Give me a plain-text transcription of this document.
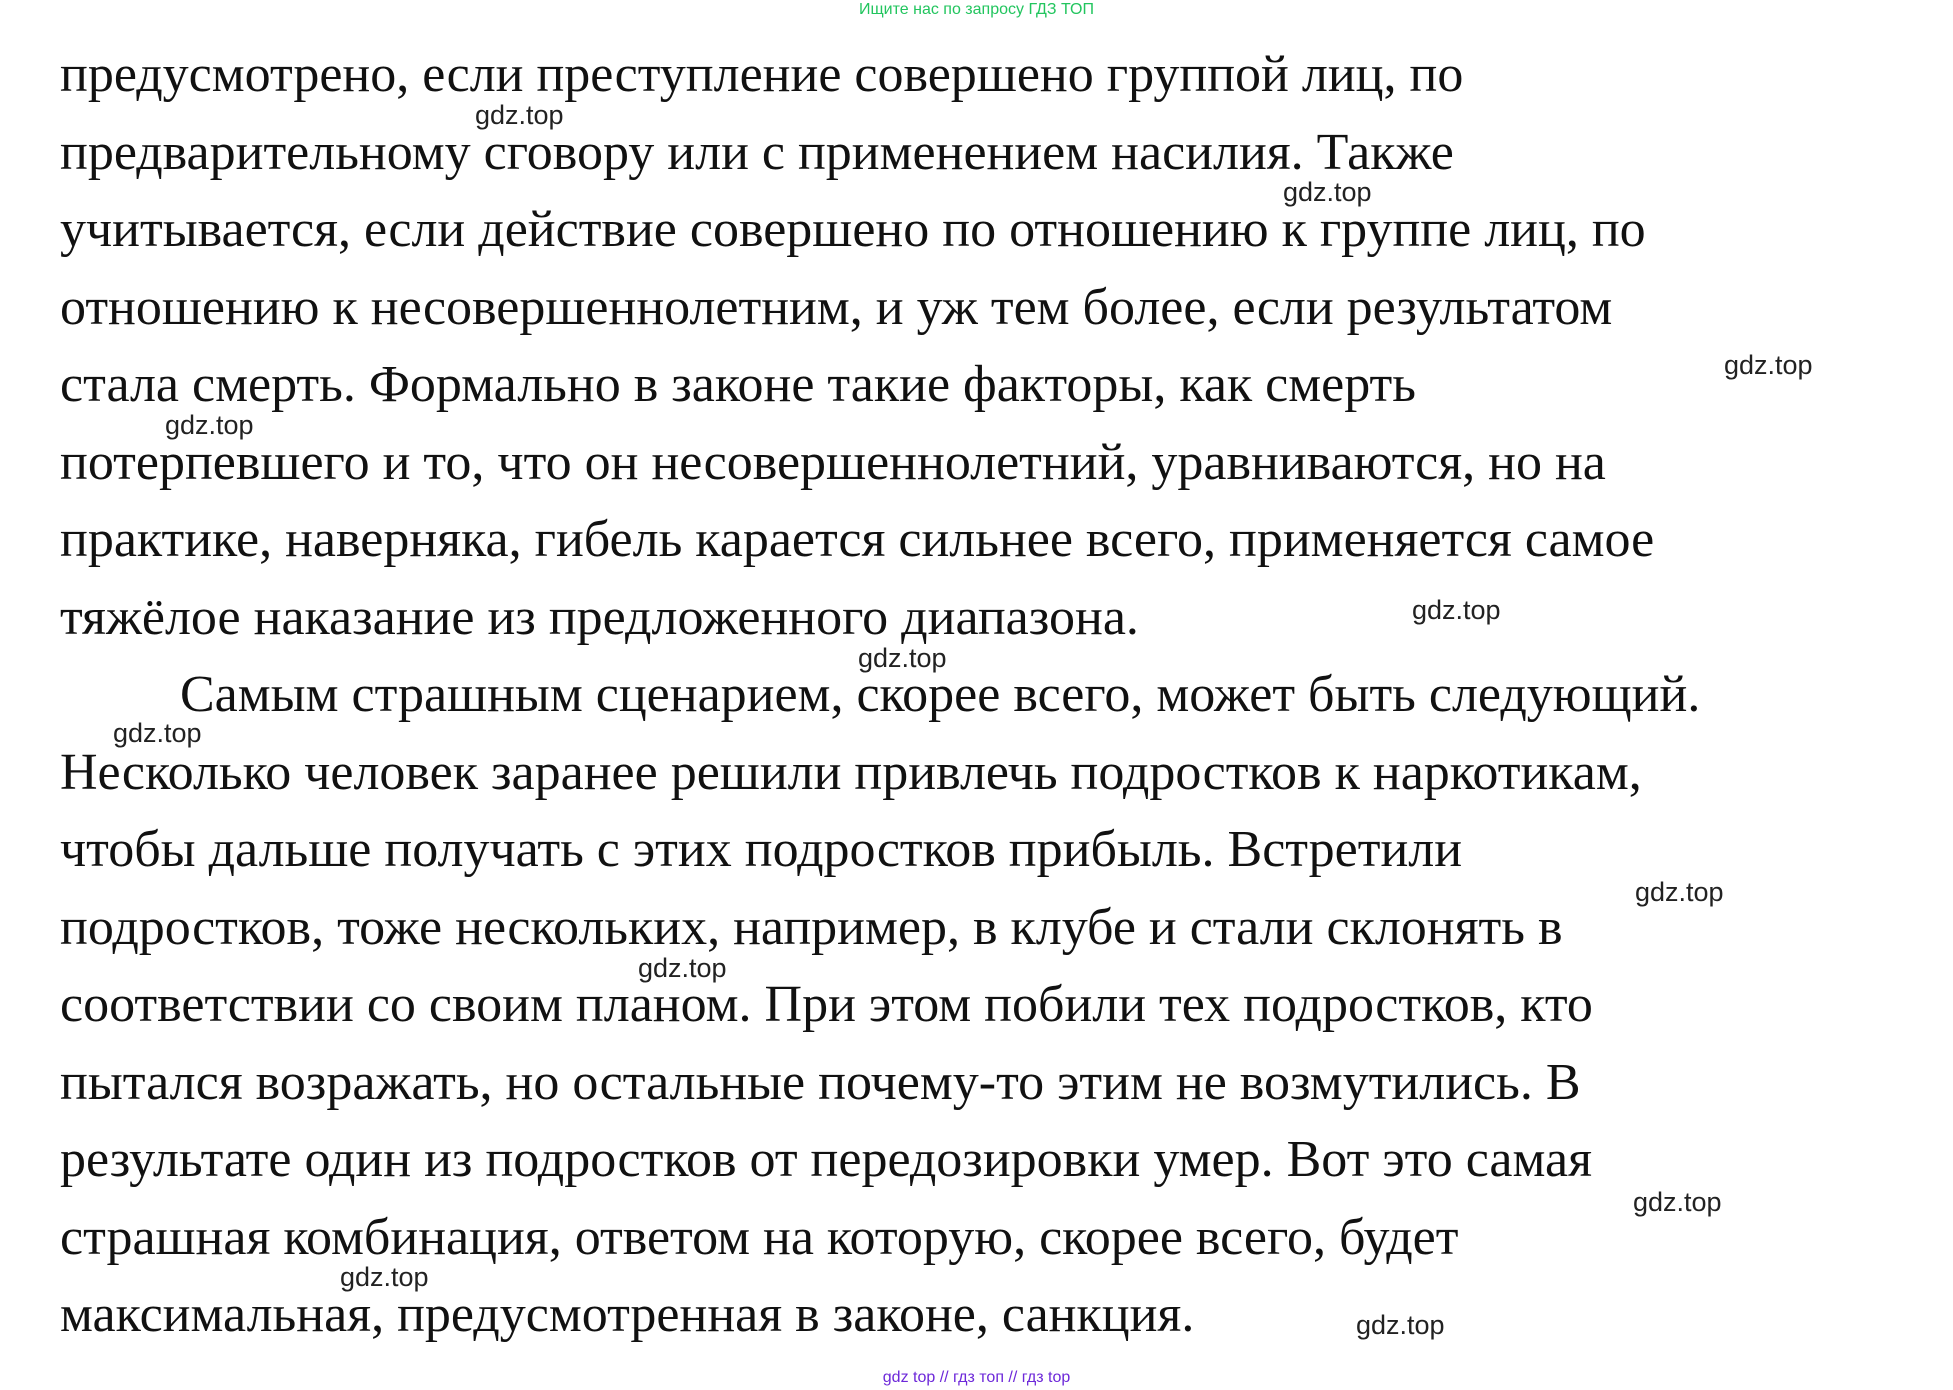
Ищите нас по запросу ГДЗ ТОП
предусмотрено, если преступление совершено группой лиц, по
предварительному сговору или с применением насилия. Также
учитывается, если действие совершено по отношению к группе лиц, по
отношению к несовершеннолетним, и уж тем более, если результатом
стала смерть. Формально в законе такие факторы, как смерть
потерпевшего и то, что он несовершеннолетний, уравниваются, но на
практике, наверняка, гибель карается сильнее всего, применяется самое
тяжёлое наказание из предложенного диапазона.
Самым страшным сценарием, скорее всего, может быть следующий.
Несколько человек заранее решили привлечь подростков к наркотикам,
чтобы дальше получать с этих подростков прибыль. Встретили
подростков, тоже нескольких, например, в клубе и стали склонять в
соответствии со своим планом. При этом побили тех подростков, кто
пытался возражать, но остальные почему-то этим не возмутились. В
результате один из подростков от передозировки умер. Вот это самая
страшная комбинация, ответом на которую, скорее всего, будет
максимальная, предусмотренная в законе, санкция.
gdz.top
gdz.top
gdz.top
gdz.top
gdz.top
gdz.top
gdz.top
gdz.top
gdz.top
gdz.top
gdz.top
gdz.top
gdz top // гдз топ // гдз top
